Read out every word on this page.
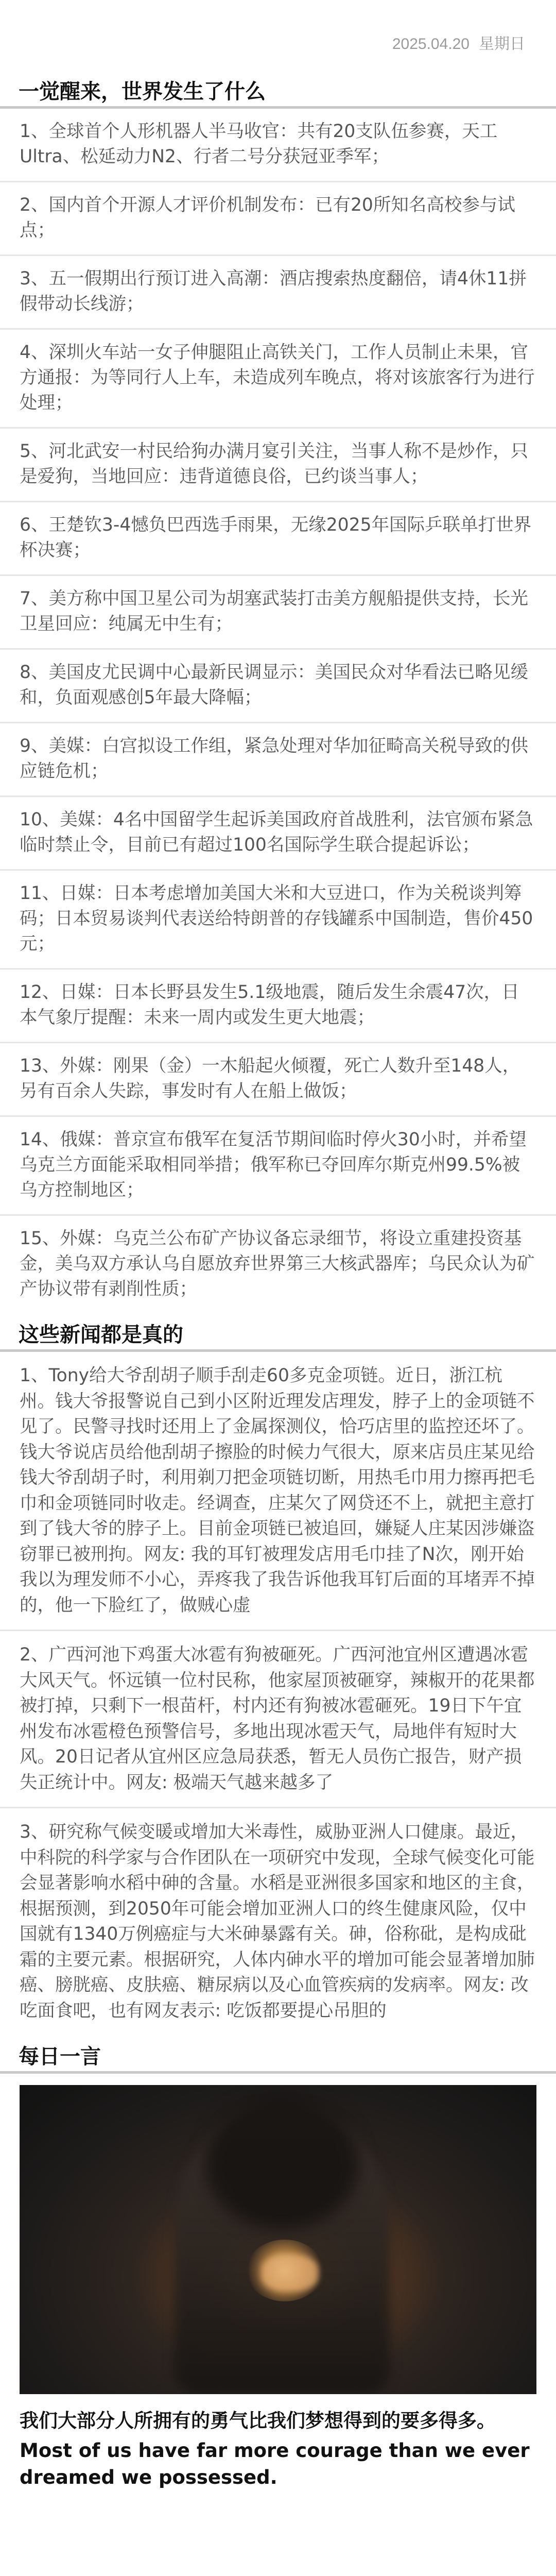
2025.04.20 星期日
一觉醒来，世界发生了什么
1、全球首个人形机器人半马收官：共有20支队伍参赛，天工Ultra、松延动力N2、行者二号分获冠亚季军；
2、国内首个开源人才评价机制发布：已有20所知名高校参与试点；
3、五一假期出行预订进入高潮：酒店搜索热度翻倍，请4休11拼假带动长线游；
4、深圳火车站一女子伸腿阻止高铁关门，工作人员制止未果，官方通报：为等同行人上车，未造成列车晚点，将对该旅客行为进行处理；
5、河北武安一村民给狗办满月宴引关注，当事人称不是炒作，只是爱狗，当地回应：违背道德良俗，已约谈当事人；
6、王楚钦3-4憾负巴西选手雨果，无缘2025年国际乒联单打世界杯决赛；
7、美方称中国卫星公司为胡塞武装打击美方舰船提供支持，长光卫星回应：纯属无中生有；
8、美国皮尤民调中心最新民调显示：美国民众对华看法已略见缓和，负面观感创5年最大降幅；
9、美媒：白宫拟设工作组，紧急处理对华加征畸高关税导致的供应链危机；
10、美媒：4名中国留学生起诉美国政府首战胜利，法官颁布紧急临时禁止令，目前已有超过100名国际学生联合提起诉讼；
11、日媒：日本考虑增加美国大米和大豆进口，作为关税谈判筹码；日本贸易谈判代表送给特朗普的存钱罐系中国制造，售价450元；
12、日媒：日本长野县发生5.1级地震，随后发生余震47次，日本气象厅提醒：未来一周内或发生更大地震；
13、外媒：刚果（金）一木船起火倾覆，死亡人数升至148人，另有百余人失踪，事发时有人在船上做饭；
14、俄媒：普京宣布俄军在复活节期间临时停火30小时，并希望乌克兰方面能采取相同举措；俄军称已夺回库尔斯克州99.5%被乌方控制地区；
15、外媒：乌克兰公布矿产协议备忘录细节，将设立重建投资基金，美乌双方承认乌自愿放弃世界第三大核武器库；乌民众认为矿产协议带有剥削性质；
这些新闻都是真的
1、Tony给大爷刮胡子顺手刮走60多克金项链。近日，浙江杭州。钱大爷报警说自己到小区附近理发店理发，脖子上的金项链不见了。民警寻找时还用上了金属探测仪，恰巧店里的监控还坏了。钱大爷说店员给他刮胡子擦脸的时候力气很大，原来店员庄某见给钱大爷刮胡子时，利用剃刀把金项链切断，用热毛巾用力擦再把毛巾和金项链同时收走。经调查，庄某欠了网贷还不上，就把主意打到了钱大爷的脖子上。目前金项链已被追回，嫌疑人庄某因涉嫌盗窃罪已被刑拘。网友: 我的耳钉被理发店用毛巾挂了N次，刚开始我以为理发师不小心，弄疼我了我告诉他我耳钉后面的耳堵弄不掉的，他一下脸红了，做贼心虚
2、广西河池下鸡蛋大冰雹有狗被砸死。广西河池宜州区遭遇冰雹大风天气。怀远镇一位村民称，他家屋顶被砸穿，辣椒开的花果都被打掉，只剩下一根苗杆，村内还有狗被冰雹砸死。19日下午宜州发布冰雹橙色预警信号，多地出现冰雹天气，局地伴有短时大风。20日记者从宜州区应急局获悉，暂无人员伤亡报告，财产损失正统计中。网友: 极端天气越来越多了
3、研究称气候变暖或增加大米毒性，威胁亚洲人口健康。最近，中科院的科学家与合作团队在一项研究中发现，全球气候变化可能会显著影响水稻中砷的含量。水稻是亚洲很多国家和地区的主食，根据预测，到2050年可能会增加亚洲人口的终生健康风险，仅中国就有1340万例癌症与大米砷暴露有关。砷，俗称砒，是构成砒霜的主要元素。根据研究，人体内砷水平的增加可能会显著增加肺癌、膀胱癌、皮肤癌、糖尿病以及心血管疾病的发病率。网友: 改吃面食吧，也有网友表示: 吃饭都要提心吊胆的
每日一言
我们大部分人所拥有的勇气比我们梦想得到的要多得多。
Most of us have far more courage than we ever dreamed we possessed.
